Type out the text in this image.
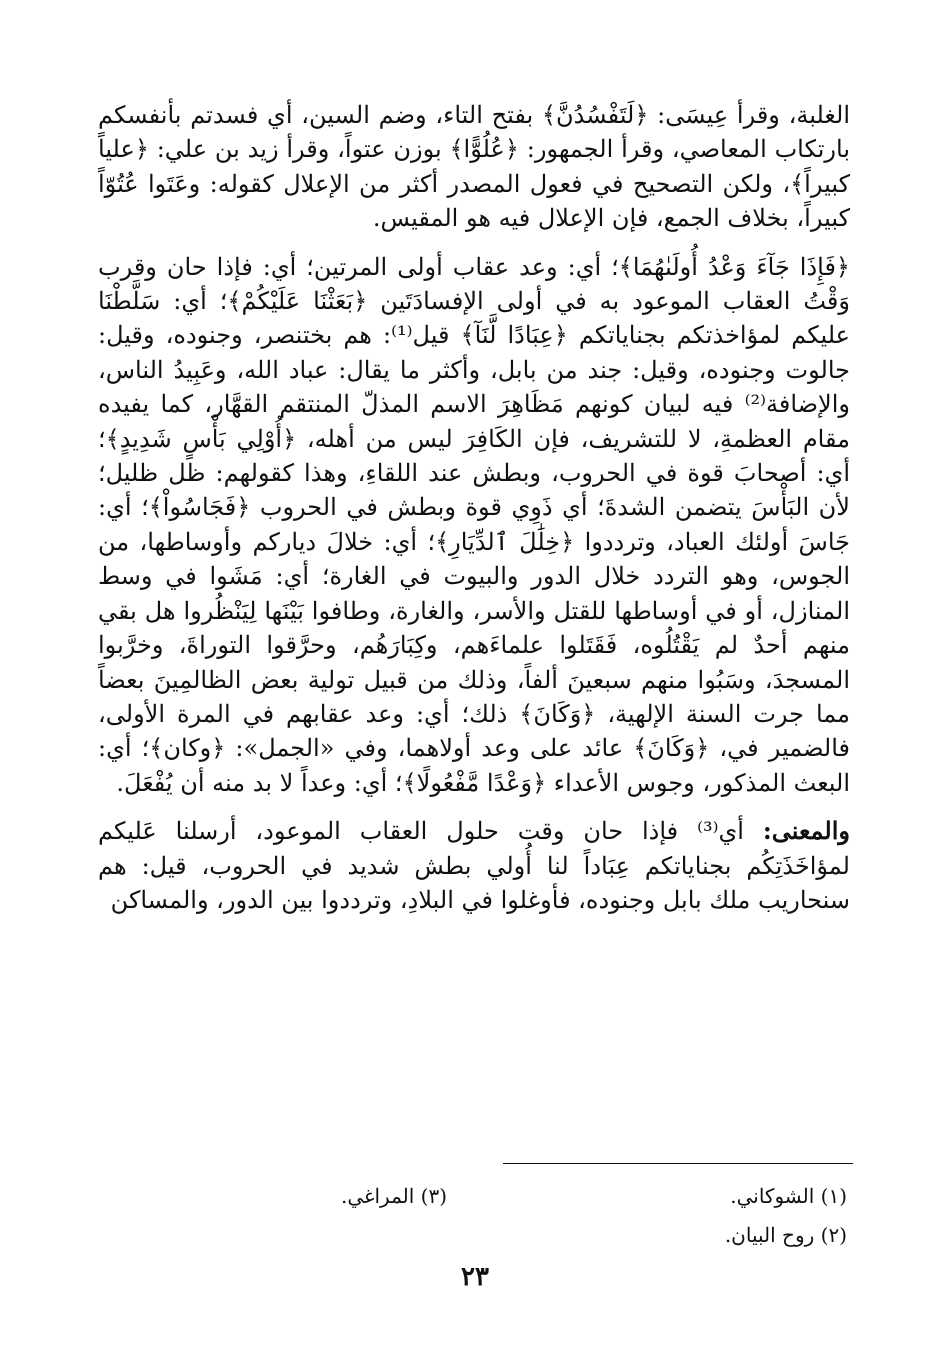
الغلبة، وقرأ عِيسَى: ﴿لَتَفْسُدُنَّ﴾ بفتح التاء، وضم السين، أي فسدتم بأنفسكم بارتكاب المعاصي، وقرأ الجمهور: ﴿عُلُوًّا﴾ بوزن عتواً، وقرأ زيد بن علي: ﴿علياً كبيراً﴾، ولكن التصحيح في فعول المصدر أكثر من الإعلال كقوله: وعَتَوا عُتُوّاً كبيراً، بخلاف الجمع، فإن الإعلال فيه هو المقيس.

﴿فَإِذَا جَآءَ وَعْدُ أُولَىٰهُمَا﴾؛ أي: وعد عقاب أولى المرتين؛ أي: فإذا حان وقرب وَقْتُ العقاب الموعود به في أولى الإفسادَتَين ﴿بَعَثْنَا عَلَيْكُمْ﴾؛ أي: سَلَّطْنَا عليكم لمؤاخذتكم بجناياتكم ﴿عِبَادًا لَّنَآ﴾ قيل⁽¹⁾: هم بختنصر، وجنوده، وقيل: جالوت وجنوده، وقيل: جند من بابل، وأكثر ما يقال: عباد الله، وعَبِيدُ الناس، والإضافة⁽²⁾ فيه لبيان كونهم مَظَاهِرَ الاسم المذلّ المنتقم القهَّار، كما يفيده مقام العظمةِ، لا للتشريف، فإن الكَافِرَ ليس من أهله، ﴿أُوْلِي بَأْسٍ شَدِيدٍ﴾؛ أي: أصحابَ قوة في الحروب، وبطش عند اللقاءِ، وهذا كقولهم: ظل ظليل؛ لأن البَأْسَ يتضمن الشدةَ؛ أي ذَوِي قوة وبطش في الحروب ﴿فَجَاسُواْ﴾؛ أي: جَاسَ أولئك العباد، وترددوا ﴿خِلَٰلَ ٱلدِّيَارِ﴾؛ أي: خلالَ دياركم وأوساطها، من الجوس، وهو التردد خلال الدور والبيوت في الغارة؛ أي: مَشَوا في وسط المنازل، أو في أوساطها للقتل والأسر، والغارة، وطافوا بَيْنَها لِيَنْظُروا هل بقي منهم أحدٌ لم يَقْتُلُوه، فَقَتَلوا علماءَهم، وكِبَارَهُم، وحرَّقوا التوراةَ، وخرَّبوا المسجدَ، وسَبُوا منهم سبعينَ ألفاً، وذلك من قبيل تولية بعض الظالمِينَ بعضاً مما جرت السنة الإلهية، ﴿وَكَانَ﴾ ذلك؛ أي: وعد عقابهم في المرة الأولى، فالضمير في، ﴿وَكَانَ﴾ عائد على وعد أولاهما، وفي «الجمل»: ﴿وكان﴾؛ أي: البعث المذكور، وجوس الأعداء ﴿وَعْدًا مَّفْعُولًا﴾؛ أي: وعداً لا بد منه أن يُفْعَلَ.

والمعنى: أي⁽³⁾ فإذا حان وقت حلول العقاب الموعود، أرسلنا عَليكم لمؤاخَذَتِكُم بجناياتكم عِبَاداً لنا أُولي بطش شديد في الحروب، قيل: هم سنحاريب ملك بابل وجنوده، فأوغلوا في البلادِ، وترددوا بين الدور، والمساكن

(١) الشوكاني.
(٣) المراغي.
(٢) روح البيان.
٢٣
